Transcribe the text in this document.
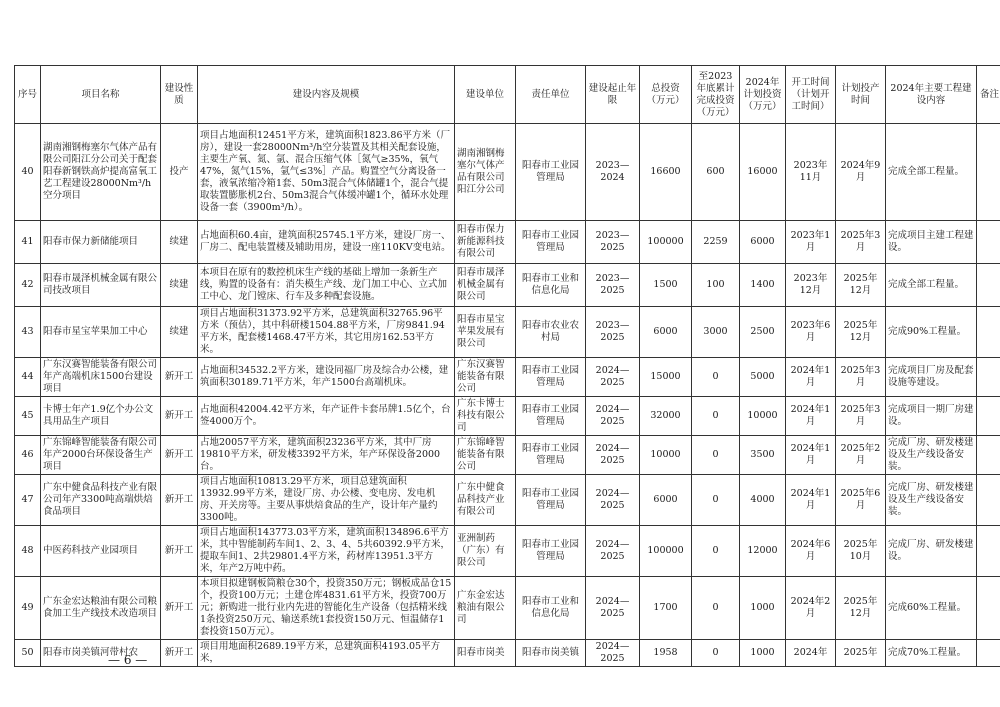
序号	项目名称	建设性质	建设内容及规模	建设单位	责任单位	建设起止年限	总投资（万元）	至2023年底累计完成投资（万元）	2024年计划投资（万元）	开工时间（计划开工时间）	计划投产时间	2024年主要工程建设内容	备注
40	湖南湘钢梅塞尔气体产品有限公司阳江分公司关于配套阳春新钢铁高炉提高富氧工艺工程建设28000Nm³/h空分项目	投产	项目占地面积12451平方米，建筑面积1823.86平方米（厂房），建设一套28000Nm³/h空分装置及其相关配套设施，主要生产氧、氮、氩、混合压缩气体［氮气≥35%，氧气47%，氮气15%，氩气≤3%］产品。购置空气分离设备一套，液氧浓缩冷箱1套、50m3混合气体储罐1个，混合气提取装置膨胀机2台、50m3混合气体缓冲罐1个，循环水处理设备一套（3900m³/h）。	湖南湘钢梅塞尔气体产品有限公司阳江分公司	阳春市工业园管理局	2023—2024	16600	600	16000	2023年11月	2024年9月	完成全部工程量。	
41	阳春市保力新储能项目	续建	占地面积60.4亩，建筑面积25745.1平方米，建设厂房一、厂房二、配电装置楼及辅助用房，建设一座110KV变电站。	阳春市保力新能源科技有限公司	阳春市工业园管理局	2023—2025	100000	2259	6000	2023年1月	2025年3月	完成项目主建工程建设。	
42	阳春市晟泽机械金属有限公司技改项目	续建	本项目在原有的数控机床生产线的基础上增加一条新生产线，购置的设备有：消失模生产线、龙门加工中心、立式加工中心、龙门镗床、行车及多种配套设施。	阳春市晟泽机械金属有限公司	阳春市工业和信息化局	2023—2025	1500	100	1400	2023年12月	2025年12月	完成全部工程量。	
43	阳春市星宝苹果加工中心	续建	项目占地面积31373.92平方米，总建筑面积32765.96平方米（预估），其中科研楼1504.88平方米，厂房9841.94平方米，配套楼1468.47平方米，其它用房162.53平方米。	阳春市星宝苹果发展有限公司	阳春市农业农村局	2023—2025	6000	3000	2500	2023年6月	2025年12月	完成90%工程量。	
44	广东汉赛智能装备有限公司年产高端机床1500台建设项目	新开工	占地面积34532.2平方米，建设同福厂房及综合办公楼，建筑面积30189.71平方米，年产1500台高端机床。	广东汉赛智能装备有限公司	阳春市工业园管理局	2024—2025	15000	0	5000	2024年1月	2025年3月	完成项目厂房及配套设施等建设。	
45	卡博士年产1.9亿个办公文具用品生产项目	新开工	占地面积42004.42平方米，年产证件卡套吊牌1.5亿个，台签4000万个。	广东卡博士科技有限公司	阳春市工业园管理局	2024—2025	32000	0	10000	2024年1月	2025年3月	完成项目一期厂房建设。	
46	广东锦峰智能装备有限公司年产2000台环保设备生产项目	新开工	占地20057平方米，建筑面积23236平方米，其中厂房19810平方米，研发楼3392平方米，年产环保设备2000台。	广东锦峰智能装备有限公司	阳春市工业园管理局	2024—2025	10000	0	3500	2024年1月	2025年2月	完成厂房、研发楼建设及生产线设备安装。	
47	广东中健食品科技产业有限公司年产3300吨高端烘焙食品项目	新开工	项目占地面积10813.29平方米，项目总建筑面积13932.99平方米，建设厂房、办公楼、变电房、发电机房、开关房等。主要从事烘焙食品的生产，设计年产量约3300吨。	广东中健食品科技产业有限公司	阳春市工业园管理局	2024—2025	6000	0	4000	2024年1月	2025年6月	完成厂房、研发楼建设及生产线设备安装。	
48	中医药科技产业园项目	新开工	项目占地面积143773.03平方米，建筑面积134896.6平方米，其中智能制药车间1、2、3、4、5共60392.9平方米，提取车间1、2共29801.4平方米，药材库13951.3平方米，年产2万吨中药。	亚洲制药（广东）有限公司	阳春市工业园管理局	2024—2025	100000	0	12000	2024年6月	2025年10月	完成厂房、研发楼建设。	
49	广东金宏达粮油有限公司粮食加工生产线技术改造项目	新开工	本项目拟建钢板筒粮仓30个，投资350万元；钢板成品仓15个，投资100万元；土建仓库4831.61平方米，投资700万元；新购进一批行业内先进的智能化生产设备（包括精米线1条投资250万元、输送系统1套投资150万元、恒温储存1套投资150万元）。	广东金宏达粮油有限公司	阳春市工业和信息化局	2024—2025	1700	0	1000	2024年2月	2025年12月	完成60%工程量。	
50	阳春市岗美镇河带村农	新开工	项目用地面积2689.19平方米，总建筑面积4193.05平方米，	阳春市岗美	阳春市岗美镇	2024—2025	1958	0	1000	2024年	2025年	完成70%工程量。	
— 6 —
